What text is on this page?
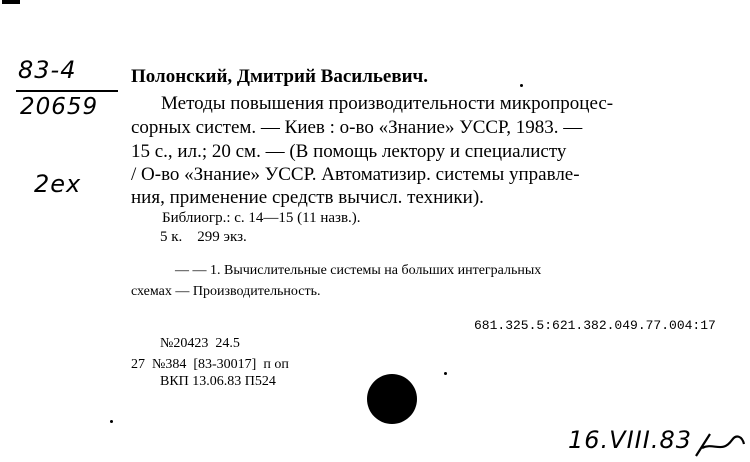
83-4
20659
2ex
Полонский, Дмитрий Васильевич.
Методы повышения производительности микропроцес-
сорных систем. — Киев : о-во «Знание» УССР, 1983. —
15 с., ил.; 20 см. — (В помощь лектору и специалисту
/ О-во «Знание» УССР. Автоматизир. системы управле-
ния, применение средств вычисл. техники).
Библиогр.: с. 14—15 (11 назв.).
5 к.    299 экз.
— — 1. Вычислительные системы на больших интегральных
схемах — Производительность.
681.325.5:621.382.049.77.004:17
№20423  24.5
27  №384  [83-30017]  п оп
ВКП 13.06.83 П524
16.VIII.83
